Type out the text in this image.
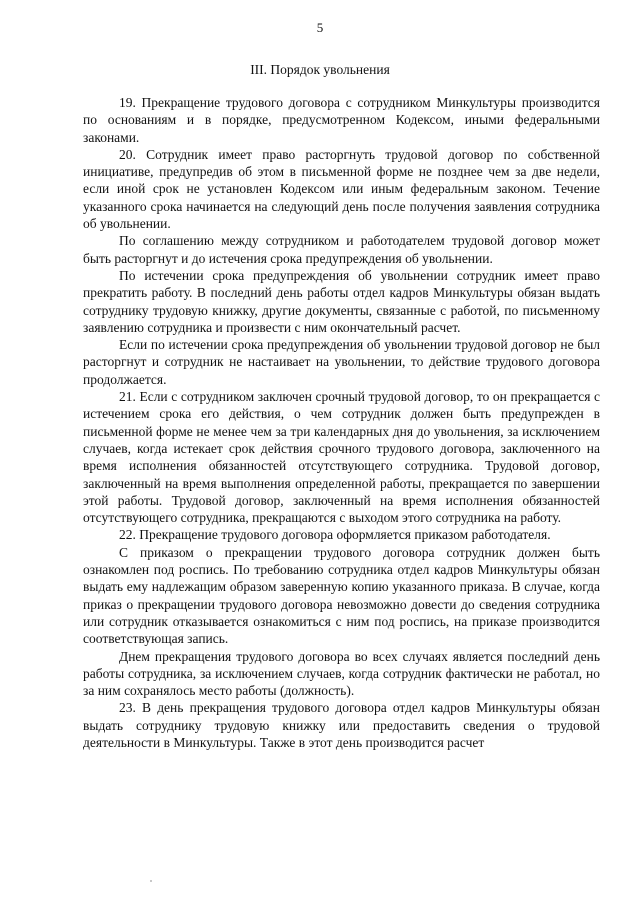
5
III. Порядок увольнения

19. Прекращение трудового договора с сотрудником Минкультуры производится по основаниям и в порядке, предусмотренном Кодексом, иными федеральными законами.

20. Сотрудник имеет право расторгнуть трудовой договор по собственной инициативе, предупредив об этом в письменной форме не позднее чем за две недели, если иной срок не установлен Кодексом или иным федеральным законом. Течение указанного срока начинается на следующий день после получения заявления сотрудника об увольнении.

По соглашению между сотрудником и работодателем трудовой договор может быть расторгнут и до истечения срока предупреждения об увольнении.

По истечении срока предупреждения об увольнении сотрудник имеет право прекратить работу. В последний день работы отдел кадров Минкультуры обязан выдать сотруднику трудовую книжку, другие документы, связанные с работой, по письменному заявлению сотрудника и произвести с ним окончательный расчет.

Если по истечении срока предупреждения об увольнении трудовой договор не был расторгнут и сотрудник не настаивает на увольнении, то действие трудового договора продолжается.

21. Если с сотрудником заключен срочный трудовой договор, то он прекращается с истечением срока его действия, о чем сотрудник должен быть предупрежден в письменной форме не менее чем за три календарных дня до увольнения, за исключением случаев, когда истекает срок действия срочного трудового договора, заключенного на время исполнения обязанностей отсутствующего сотрудника. Трудовой договор, заключенный на время выполнения определенной работы, прекращается по завершении этой работы. Трудовой договор, заключенный на время исполнения обязанностей отсутствующего сотрудника, прекращаются с выходом этого сотрудника на работу.

22. Прекращение трудового договора оформляется приказом работодателя.

С приказом о прекращении трудового договора сотрудник должен быть ознакомлен под роспись. По требованию сотрудника отдел кадров Минкультуры обязан выдать ему надлежащим образом заверенную копию указанного приказа. В случае, когда приказ о прекращении трудового договора невозможно довести до сведения сотрудника или сотрудник отказывается ознакомиться с ним под роспись, на приказе производится соответствующая запись.

Днем прекращения трудового договора во всех случаях является последний день работы сотрудника, за исключением случаев, когда сотрудник фактически не работал, но за ним сохранялось место работы (должность).

23. В день прекращения трудового договора отдел кадров Минкультуры обязан выдать сотруднику трудовую книжку или предоставить сведения о трудовой деятельности в Минкультуры. Также в этот день производится расчет
